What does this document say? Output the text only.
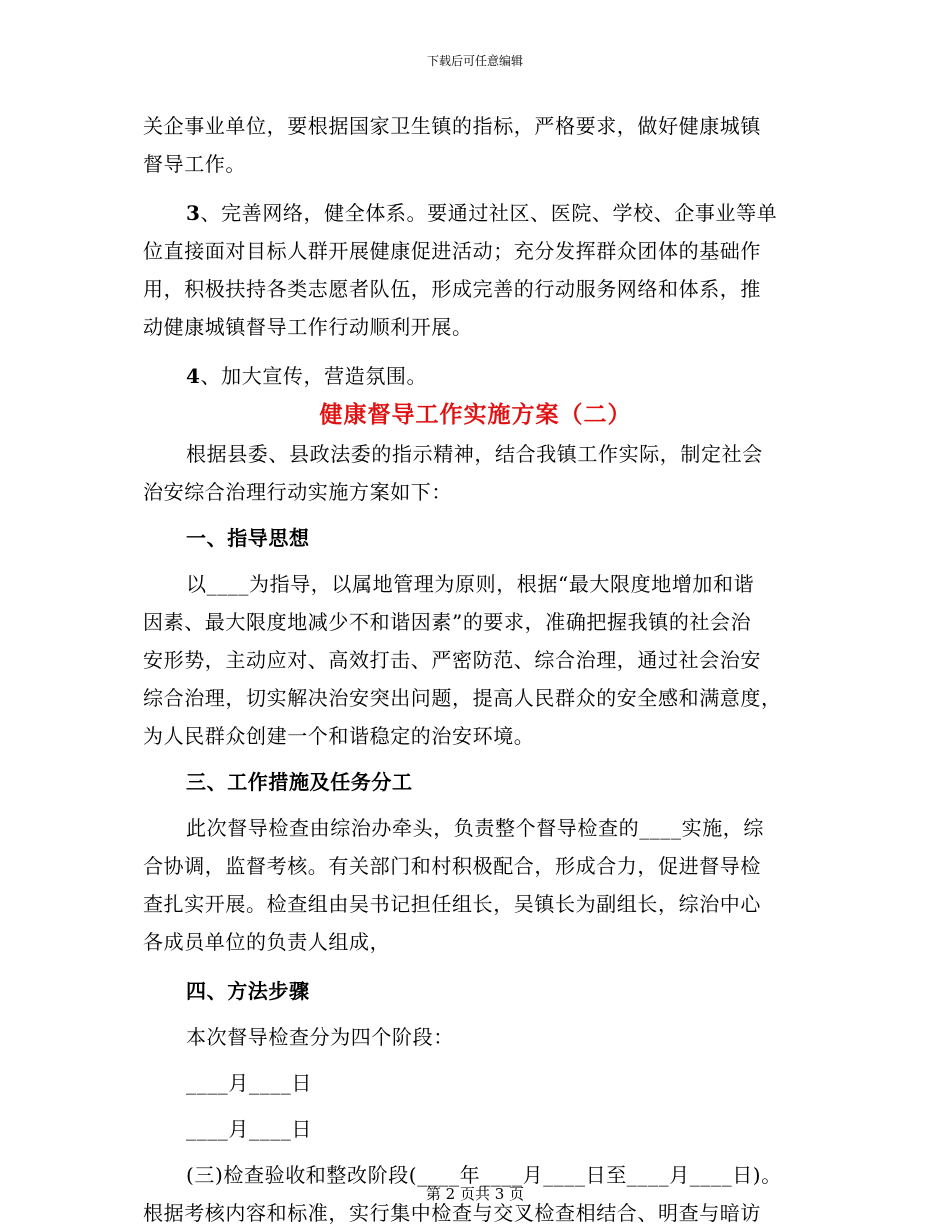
下载后可任意编辑
关企事业单位，要根据国家卫生镇的指标，严格要求，做好健康城镇
督导工作。
3、完善网络，健全体系。要通过社区、医院、学校、企事业等单
位直接面对目标人群开展健康促进活动；充分发挥群众团体的基础作
用，积极扶持各类志愿者队伍，形成完善的行动服务网络和体系，推
动健康城镇督导工作行动顺利开展。
4、加大宣传，营造氛围。
健康督导工作实施方案（二）
根据县委、县政法委的指示精神，结合我镇工作实际，制定社会
治安综合治理行动实施方案如下：
一、指导思想
以____为指导，以属地管理为原则，根据“最大限度地增加和谐
因素、最大限度地减少不和谐因素”的要求，准确把握我镇的社会治
安形势，主动应对、高效打击、严密防范、综合治理，通过社会治安
综合治理，切实解决治安突出问题，提高人民群众的安全感和满意度，
为人民群众创建一个和谐稳定的治安环境。
三、工作措施及任务分工
此次督导检查由综治办牵头，负责整个督导检查的____实施，综
合协调，监督考核。有关部门和村积极配合，形成合力，促进督导检
查扎实开展。检查组由吴书记担任组长，吴镇长为副组长，综治中心
各成员单位的负责人组成，
四、方法步骤
本次督导检查分为四个阶段：
____月____日
____月____日
(三)检查验收和整改阶段(____年____月____日至____月____日)。
根据考核内容和标准，实行集中检查与交叉检查相结合、明查与暗访
第 2 页共 3 页
